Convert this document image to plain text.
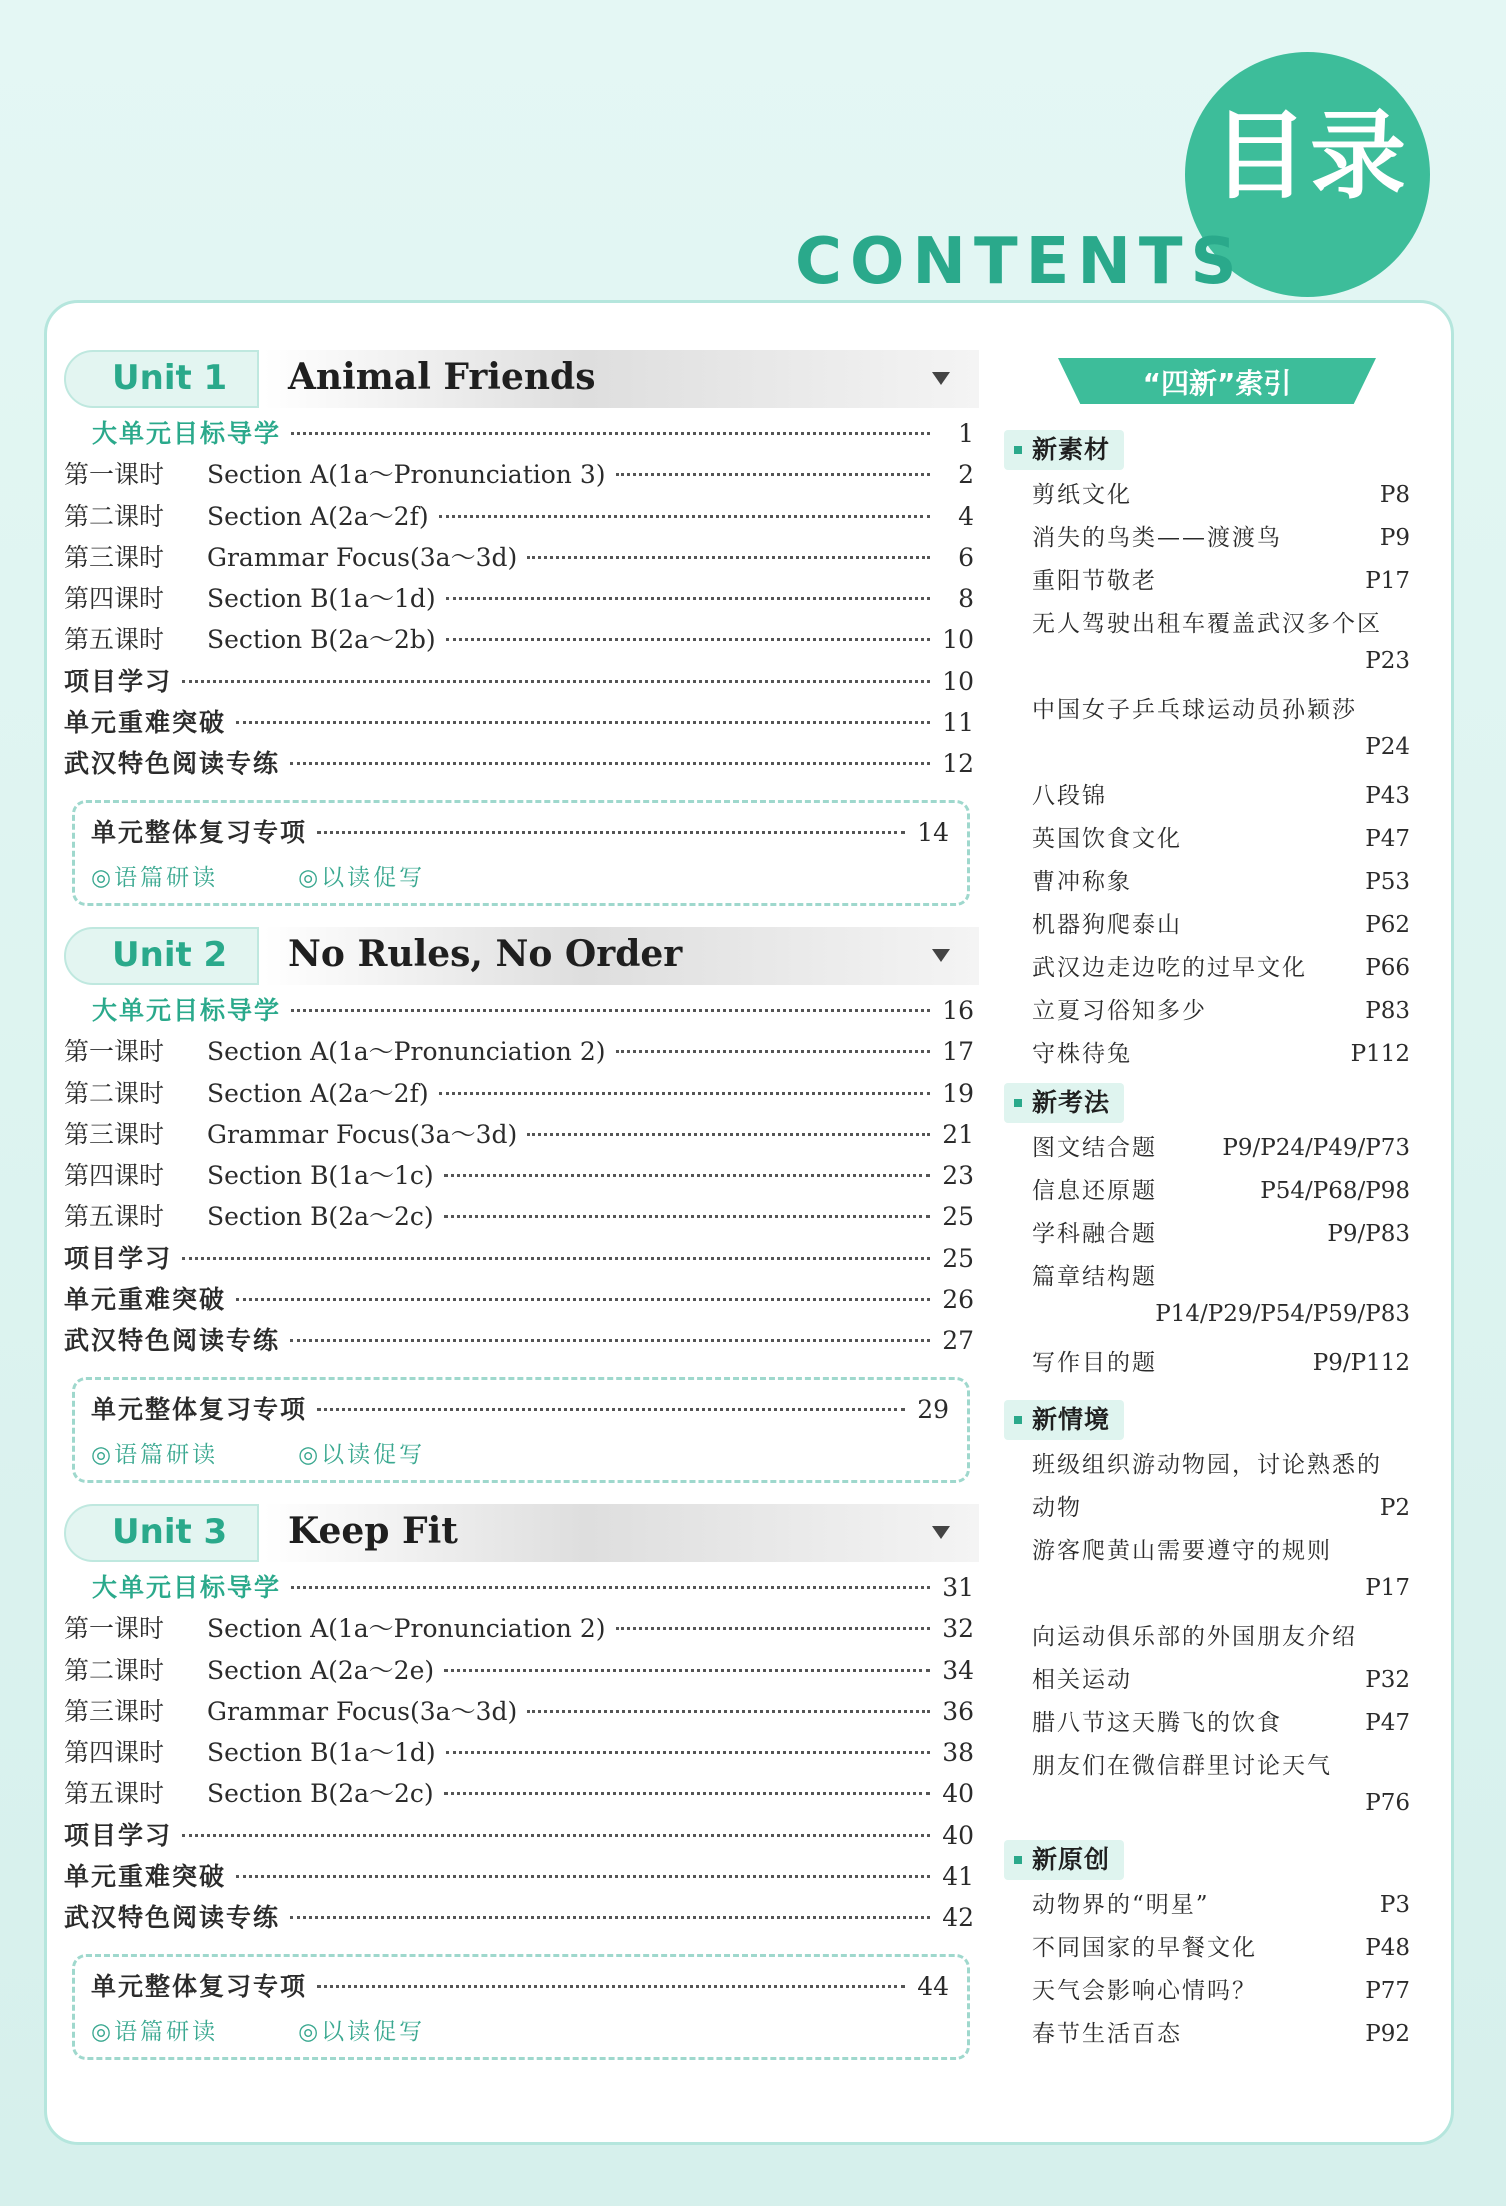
目录
CONTENTS
Unit 1 Animal Friends
大单元目标导学	1
第一课时 Section A(1a～Pronunciation 3)	2
第二课时 Section A(2a～2f)	4
第三课时 Grammar Focus(3a～3d)	6
第四课时 Section B(1a～1d)	8
第五课时 Section B(2a～2b)	10
项目学习	10
单元重难突破	11
武汉特色阅读专练	12
单元整体复习专项	14
◎语篇研读	◎以读促写
Unit 2 No Rules, No Order
大单元目标导学	16
第一课时 Section A(1a～Pronunciation 2)	17
第二课时 Section A(2a～2f)	19
第三课时 Grammar Focus(3a～3d)	21
第四课时 Section B(1a～1c)	23
第五课时 Section B(2a～2c)	25
项目学习	25
单元重难突破	26
武汉特色阅读专练	27
单元整体复习专项	29
◎语篇研读	◎以读促写
Unit 3 Keep Fit
大单元目标导学	31
第一课时 Section A(1a～Pronunciation 2)	32
第二课时 Section A(2a～2e)	34
第三课时 Grammar Focus(3a～3d)	36
第四课时 Section B(1a～1d)	38
第五课时 Section B(2a～2c)	40
项目学习	40
单元重难突破	41
武汉特色阅读专练	42
单元整体复习专项	44
◎语篇研读	◎以读促写
“四新”索引
新素材
剪纸文化	P8
消失的鸟类——渡渡鸟	P9
重阳节敬老	P17
无人驾驶出租车覆盖武汉多个区
P23
中国女子乒乓球运动员孙颖莎
P24
八段锦	P43
英国饮食文化	P47
曹冲称象	P53
机器狗爬泰山	P62
武汉边走边吃的过早文化	P66
立夏习俗知多少	P83
守株待兔	P112
新考法
图文结合题	P9/P24/P49/P73
信息还原题	P54/P68/P98
学科融合题	P9/P83
篇章结构题
P14/P29/P54/P59/P83
写作目的题	P9/P112
新情境
班级组织游动物园，讨论熟悉的
动物	P2
游客爬黄山需要遵守的规则
P17
向运动俱乐部的外国朋友介绍
相关运动	P32
腊八节这天腾飞的饮食	P47
朋友们在微信群里讨论天气
P76
新原创
动物界的“明星”	P3
不同国家的早餐文化	P48
天气会影响心情吗？	P77
春节生活百态	P92
